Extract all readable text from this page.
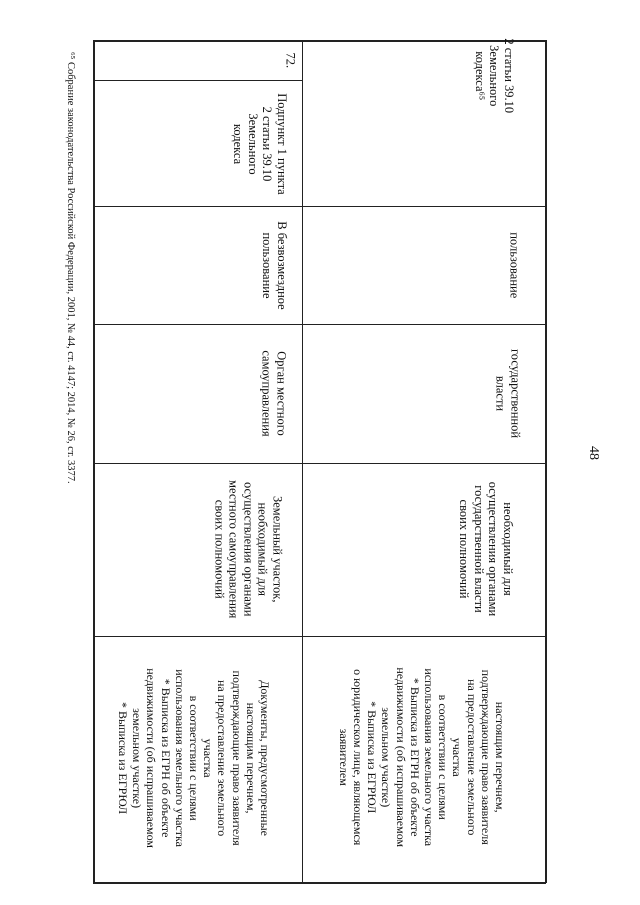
48
⁶⁵ Собрание законодательства Российской Федерации, 2001, № 44, ст. 4147; 2014, № 26, ст. 3377.	2 статьи 39.10
Земельного
кодекса⁶⁵
пользование
государственной
власти
необходимый для
осуществления органами
государственной власти
своих полномочий
настоящим перечнем,
подтверждающие право заявителя
на предоставление земельного
участка
в соответствии с целями
использования земельного участка
* Выписка из ЕГРН об объекте
недвижимости (об испрашиваемом
земельном участке)
* Выписка из ЕГРЮЛ
о юридическом лице, являющемся
заявителем
72.
Подпункт 1 пункта
2 статьи 39.10
Земельного
кодекса
В безвозмездное
пользование
Орган местного
самоуправления
Земельный участок,
необходимый для
осуществления органами
местного самоуправления
своих полномочий
Документы, предусмотренные
настоящим перечнем,
подтверждающие право заявителя
на предоставление земельного
участка
в соответствии с целями
использования земельного участка
* Выписка из ЕГРН об объекте
недвижимости (об испрашиваемом
земельном участке)
* Выписка из ЕГРЮЛ
